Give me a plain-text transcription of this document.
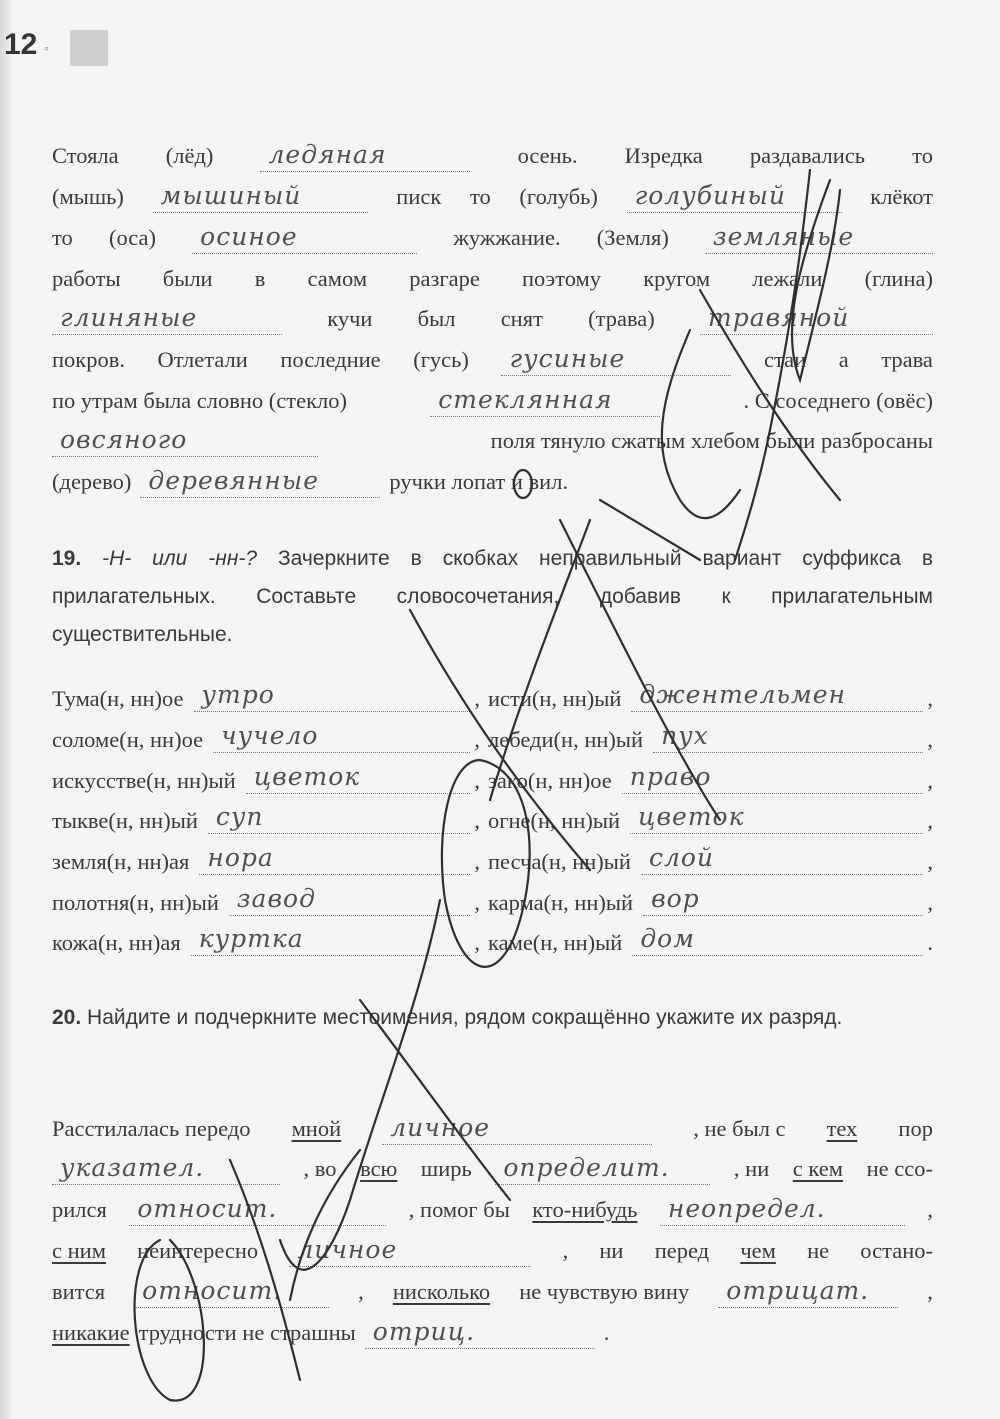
12 ◦
Стояла (лёд) ледяная	осень. Изредка раздавались то
(мышь) мышиный	писк то (голубь) голубиный	клёкот
то (оса) осиное	жужжание. (Земля) земляные
работы были в самом разгаре поэтому кругом лежали (глина)
глиняные	кучи был снят (трава) травяной
покров. Отлетали последние (гусь) гусиные	стаи а трава
по утрам была словно (стекло)	стеклянная	. С соседнего (овёс)
овсяного	поля тянуло сжатым хлебом были разбросаны
(дерево) деревянные	ручки лопат и вил.
19. -Н- или -нн-? Зачеркните в скобках неправильный вариант суффикса в прилагательных. Составьте словосочетания, добавив к прилагательным существительные.
Тума(н, нн)ое утро	, исти(н, нн)ый джентельмен	,
соломе(н, нн)ое чучело	, лебеди(н, нн)ый пух	,
искусстве(н, нн)ый цветок	, зако(н, нн)ое право	,
тыкве(н, нн)ый суп	, огне(н, нн)ый цветок	,
земля(н, нн)ая нора	, песча(н, нн)ый слой	,
полотня(н, нн)ый завод	, карма(н, нн)ый вор	,
кожа(н, нн)ая куртка	, каме(н, нн)ый дом	.
20. Найдите и подчеркните местоимения, рядом сокращённо укажите их разряд.
Расстилалась передо мной личное	, не был с тех пор
указател.	, во всю ширь определит.	, ни с кем не ссо-
рился относит.	, помог бы кто-нибудь неопредел.	,
с ним неинтересно личное	, ни перед чем не остано-
вится относит.	, нисколько не чувствую вину отрицат.	,
никакие трудности не страшны отриц.	.
